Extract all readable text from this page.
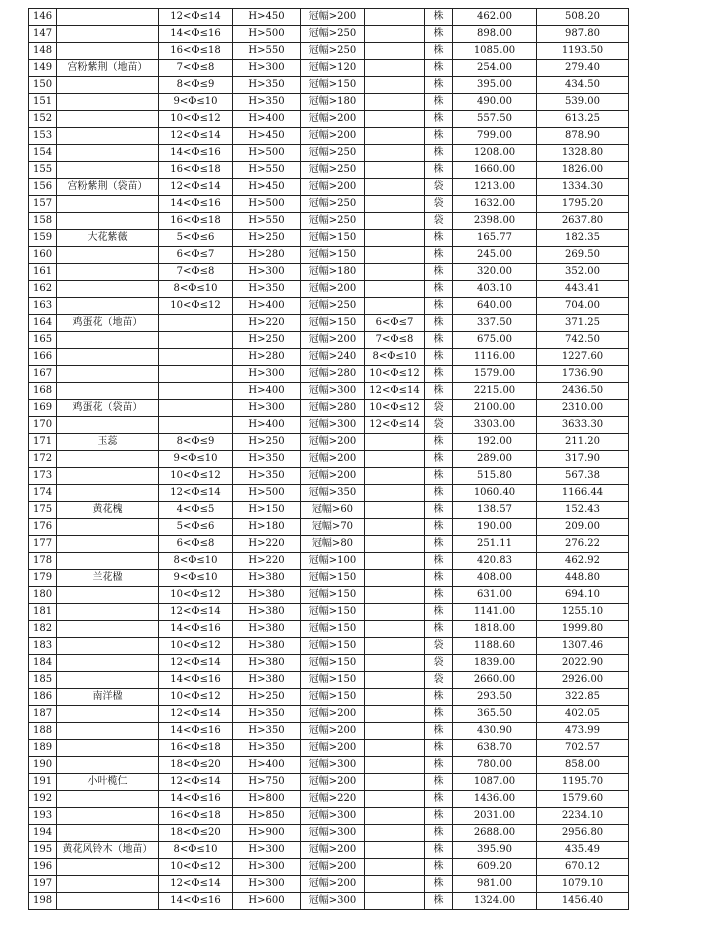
146		12<Φ≤14	H>450	冠幅>200		株	462.00	508.20
147		14<Φ≤16	H>500	冠幅>250		株	898.00	987.80
148		16<Φ≤18	H>550	冠幅>250		株	1085.00	1193.50
149	宫粉紫荆（地苗）	7<Φ≤8	H>300	冠幅>120		株	254.00	279.40
150		8<Φ≤9	H>350	冠幅>150		株	395.00	434.50
151		9<Φ≤10	H>350	冠幅>180		株	490.00	539.00
152		10<Φ≤12	H>400	冠幅>200		株	557.50	613.25
153		12<Φ≤14	H>450	冠幅>200		株	799.00	878.90
154		14<Φ≤16	H>500	冠幅>250		株	1208.00	1328.80
155		16<Φ≤18	H>550	冠幅>250		株	1660.00	1826.00
156	宫粉紫荆（袋苗）	12<Φ≤14	H>450	冠幅>200		袋	1213.00	1334.30
157		14<Φ≤16	H>500	冠幅>250		袋	1632.00	1795.20
158		16<Φ≤18	H>550	冠幅>250		袋	2398.00	2637.80
159	大花紫薇	5<Φ≤6	H>250	冠幅>150		株	165.77	182.35
160		6<Φ≤7	H>280	冠幅>150		株	245.00	269.50
161		7<Φ≤8	H>300	冠幅>180		株	320.00	352.00
162		8<Φ≤10	H>350	冠幅>200		株	403.10	443.41
163		10<Φ≤12	H>400	冠幅>250		株	640.00	704.00
164	鸡蛋花（地苗）		H>220	冠幅>150	6<Φ≤7	株	337.50	371.25
165			H>250	冠幅>200	7<Φ≤8	株	675.00	742.50
166			H>280	冠幅>240	8<Φ≤10	株	1116.00	1227.60
167			H>300	冠幅>280	10<Φ≤12	株	1579.00	1736.90
168			H>400	冠幅>300	12<Φ≤14	株	2215.00	2436.50
169	鸡蛋花（袋苗）		H>300	冠幅>280	10<Φ≤12	袋	2100.00	2310.00
170			H>400	冠幅>300	12<Φ≤14	袋	3303.00	3633.30
171	玉蕊	8<Φ≤9	H>250	冠幅>200		株	192.00	211.20
172		9<Φ≤10	H>350	冠幅>200		株	289.00	317.90
173		10<Φ≤12	H>350	冠幅>200		株	515.80	567.38
174		12<Φ≤14	H>500	冠幅>350		株	1060.40	1166.44
175	黄花槐	4<Φ≤5	H>150	冠幅>60		株	138.57	152.43
176		5<Φ≤6	H>180	冠幅>70		株	190.00	209.00
177		6<Φ≤8	H>220	冠幅>80		株	251.11	276.22
178		8<Φ≤10	H>220	冠幅>100		株	420.83	462.92
179	兰花楹	9<Φ≤10	H>380	冠幅>150		株	408.00	448.80
180		10<Φ≤12	H>380	冠幅>150		株	631.00	694.10
181		12<Φ≤14	H>380	冠幅>150		株	1141.00	1255.10
182		14<Φ≤16	H>380	冠幅>150		株	1818.00	1999.80
183		10<Φ≤12	H>380	冠幅>150		袋	1188.60	1307.46
184		12<Φ≤14	H>380	冠幅>150		袋	1839.00	2022.90
185		14<Φ≤16	H>380	冠幅>150		袋	2660.00	2926.00
186	南洋楹	10<Φ≤12	H>250	冠幅>150		株	293.50	322.85
187		12<Φ≤14	H>350	冠幅>200		株	365.50	402.05
188		14<Φ≤16	H>350	冠幅>200		株	430.90	473.99
189		16<Φ≤18	H>350	冠幅>200		株	638.70	702.57
190		18<Φ≤20	H>400	冠幅>300		株	780.00	858.00
191	小叶榄仁	12<Φ≤14	H>750	冠幅>200		株	1087.00	1195.70
192		14<Φ≤16	H>800	冠幅>220		株	1436.00	1579.60
193		16<Φ≤18	H>850	冠幅>300		株	2031.00	2234.10
194		18<Φ≤20	H>900	冠幅>300		株	2688.00	2956.80
195	黄花风铃木（地苗）	8<Φ≤10	H>300	冠幅>200		株	395.90	435.49
196		10<Φ≤12	H>300	冠幅>200		株	609.20	670.12
197		12<Φ≤14	H>300	冠幅>200		株	981.00	1079.10
198		14<Φ≤16	H>600	冠幅>300		株	1324.00	1456.40
